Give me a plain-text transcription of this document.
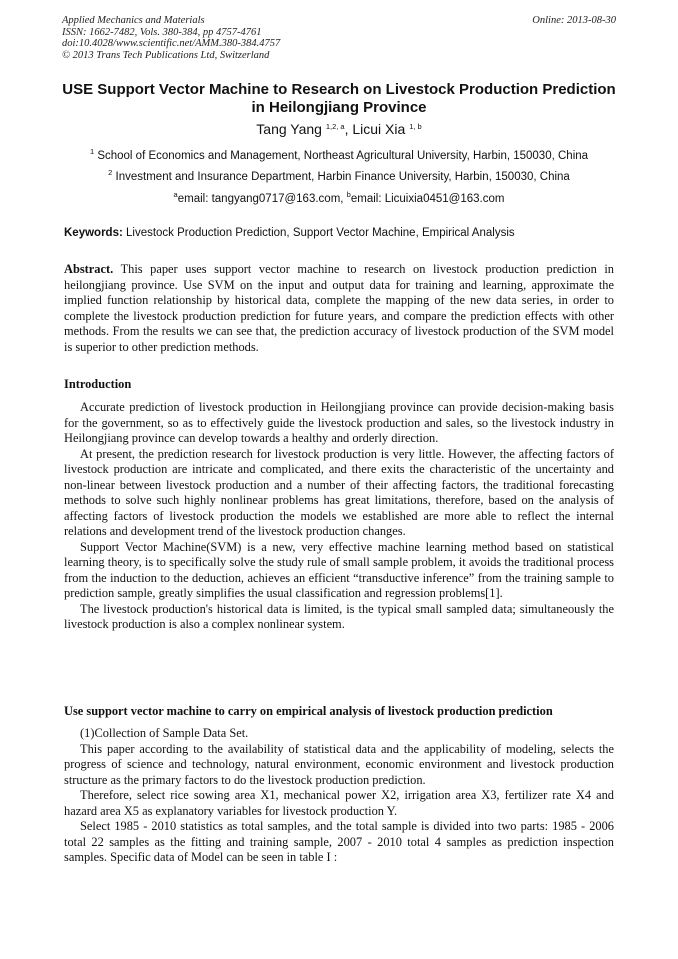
Applied Mechanics and Materials
ISSN: 1662-7482, Vols. 380-384, pp 4757-4761
doi:10.4028/www.scientific.net/AMM.380-384.4757
© 2013 Trans Tech Publications Ltd, Switzerland
Online: 2013-08-30
USE Support Vector Machine to Research on Livestock Production Prediction in Heilongjiang Province
Tang Yang $^{1,2, a}$, Licui Xia $^{1, b}$
$^1$ School of Economics and Management, Northeast Agricultural University, Harbin, 150030, China
$^2$ Investment and Insurance Department, Harbin Finance University, Harbin, 150030, China
$^a$email: tangyang0717@163.com, $^b$email: Licuixia0451@163.com
Keywords: Livestock Production Prediction, Support Vector Machine, Empirical Analysis
Abstract. This paper uses support vector machine to research on livestock production prediction in heilongjiang province. Use SVM on the input and output data for training and learning, approximate the implied function relationship by historical data, complete the mapping of the new data series, in order to complete the livestock production prediction for future years, and compare the prediction effects with other methods. From the results we can see that, the prediction accuracy of livestock production of the SVM model is superior to other prediction methods.
Introduction
Accurate prediction of livestock production in Heilongjiang province can provide decision-making basis for the government, so as to effectively guide the livestock production and sales, so the livestock industry in Heilongjiang province can develop towards a healthy and orderly direction.
At present, the prediction research for livestock production is very little. However, the affecting factors of livestock production are intricate and complicated, and there exits the characteristic of the uncertainty and non-linear between livestock production and a number of their affecting factors, the traditional forecasting methods to solve such highly nonlinear problems has great limitations, therefore, based on the analysis of affecting factors of livestock production the models we established are more able to reflect the internal relations and development trend of the livestock production changes.
Support Vector Machine(SVM) is a new, very effective machine learning method based on statistical learning theory, is to specifically solve the study rule of small sample problem, it avoids the traditional process from the induction to the deduction, achieves an efficient “transductive inference” from the training sample to prediction sample, greatly simplifies the usual classification and regression problems[1].
The livestock production's historical data is limited, is the typical small sampled data; simultaneously the livestock production is also a complex nonlinear system.
Use support vector machine to carry on empirical analysis of livestock production prediction
(1)Collection of Sample Data Set.
This paper according to the availability of statistical data and the applicability of modeling, selects the progress of science and technology, natural environment, economic environment and livestock production structure as the primary factors to do the livestock production prediction.
Therefore, select rice sowing area X1, mechanical power X2, irrigation area X3, fertilizer rate X4 and hazard area X5 as explanatory variables for livestock production Y.
Select 1985 - 2010 statistics as total samples, and the total sample is divided into two parts: 1985 - 2006 total 22 samples as the fitting and training sample, 2007 - 2010 total 4 samples as prediction inspection samples. Specific data of Model can be seen in table I :
